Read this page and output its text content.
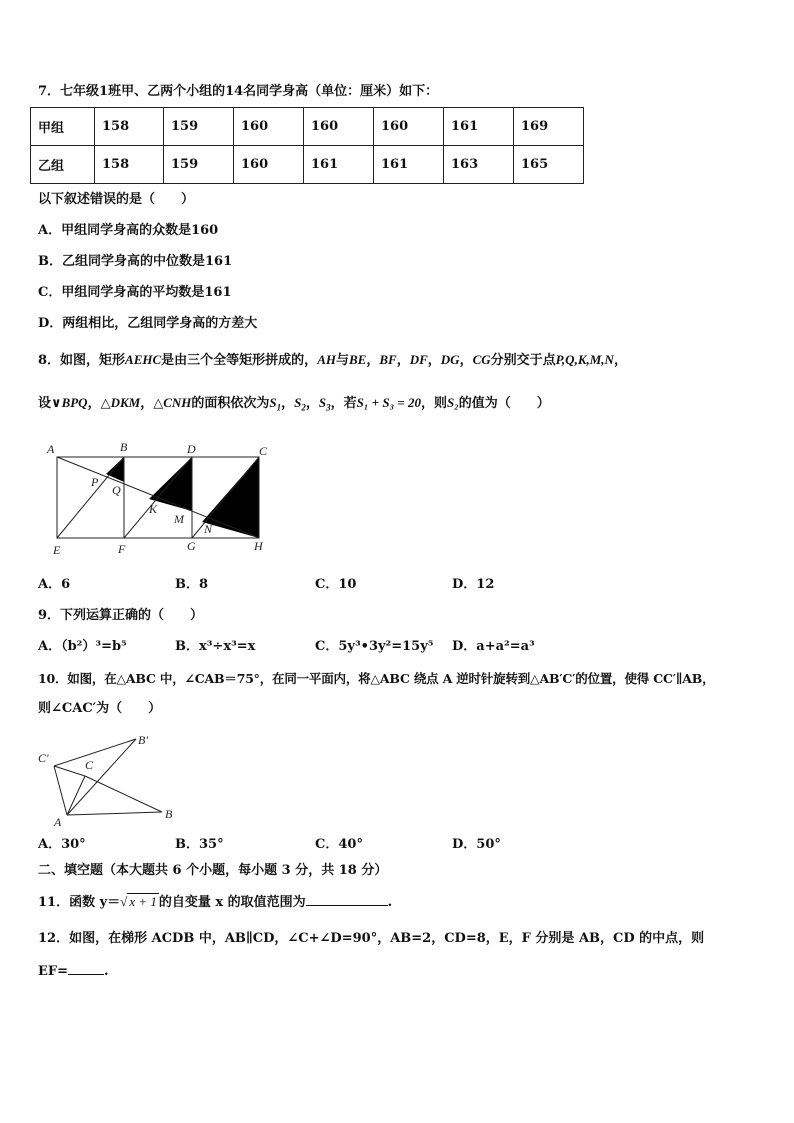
7．七年级1班甲、乙两个小组的14名同学身高（单位：厘米）如下：
甲组	158	159	160	160	160	161	169
乙组	158	159	160	161	161	163	165
以下叙述错误的是（　　）
A．甲组同学身高的众数是160
B．乙组同学身高的中位数是161
C．甲组同学身高的平均数是161
D．两组相比，乙组同学身高的方差大
8．如图，矩形AEHC是由三个全等矩形拼成的，AH与BE，BF，DF，DG，CG分别交于点P,Q,K,M,N，
设∨BPQ，△DKM，△CNH的面积依次为$S_1$，$S_2$，$S_3$，若S₁ + S₃ = 20，则S₂的值为（　　）
A	B	D	C
P
Q
K
M
N
E	F	G	H
A．6	B．8	C．10	D．12
9．下列运算正确的（　　）
A．（b²）³=b⁵	B．x³÷x³=x	C．5y³•3y²=15y⁵ D．a+a²=a³
10．如图，在△ABC 中，∠CAB＝75°，在同一平面内，将△ABC 绕点 A 逆时针旋转到△AB′C′的位置，使得 CC′∥AB，
则∠CAC′为（　　）
C′
B′
C
A
B
A．30°	B．35°	C．40°	D．50°
二、填空题（本大题共 6 个小题，每小题 3 分，共 18 分）
11．函数 y＝√ x + 1 的自变量 x 的取值范围为	.
12．如图，在梯形 ACDB 中，AB∥CD，∠C+∠D=90°，AB=2，CD=8，E，F 分别是 AB，CD 的中点，则
EF=	.
